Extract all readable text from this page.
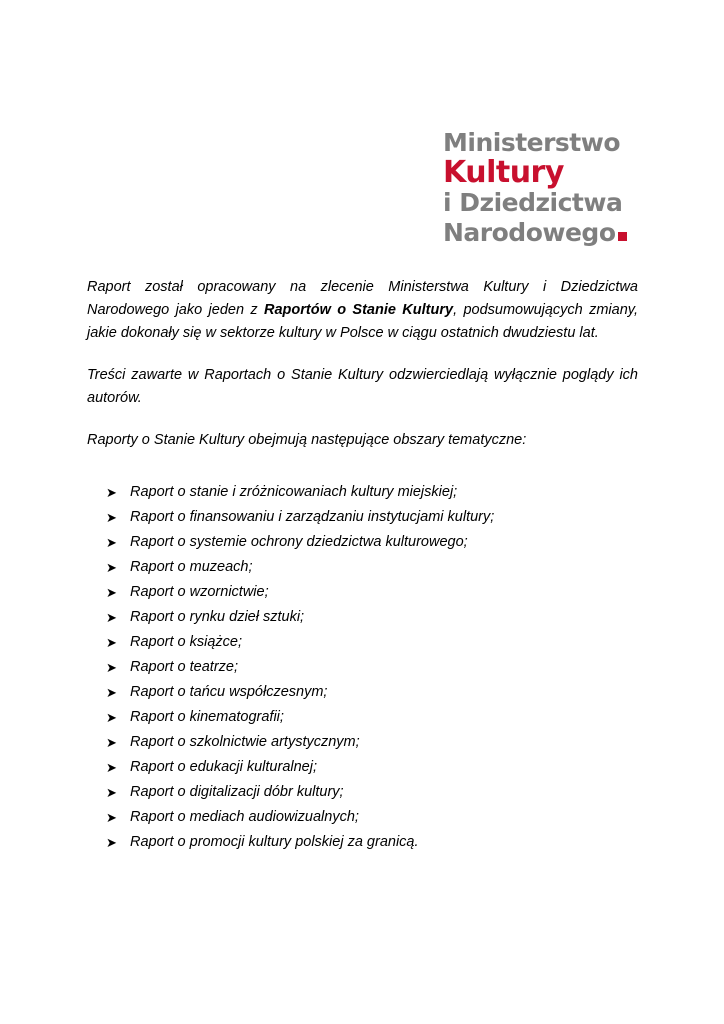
Ministerstwo
Kultury
i Dziedzictwa
Narodowego

Raport został opracowany na zlecenie Ministerstwa Kultury i Dziedzictwa Narodowego jako jeden z Raportów o Stanie Kultury, podsumowujących zmiany, jakie dokonały się w sektorze kultury w Polsce w ciągu ostatnich dwudziestu lat.

Treści zawarte w Raportach o Stanie Kultury odzwierciedlają wyłącznie poglądy ich autorów.

Raporty o Stanie Kultury obejmują następujące obszary tematyczne:

➤ Raport o stanie i zróżnicowaniach kultury miejskiej;
➤ Raport o finansowaniu i zarządzaniu instytucjami kultury;
➤ Raport o systemie ochrony dziedzictwa kulturowego;
➤ Raport o muzeach;
➤ Raport o wzornictwie;
➤ Raport o rynku dzieł sztuki;
➤ Raport o książce;
➤ Raport o teatrze;
➤ Raport o tańcu współczesnym;
➤ Raport o kinematografii;
➤ Raport o szkolnictwie artystycznym;
➤ Raport o edukacji kulturalnej;
➤ Raport o digitalizacji dóbr kultury;
➤ Raport o mediach audiowizualnych;
➤ Raport o promocji kultury polskiej za granicą.
